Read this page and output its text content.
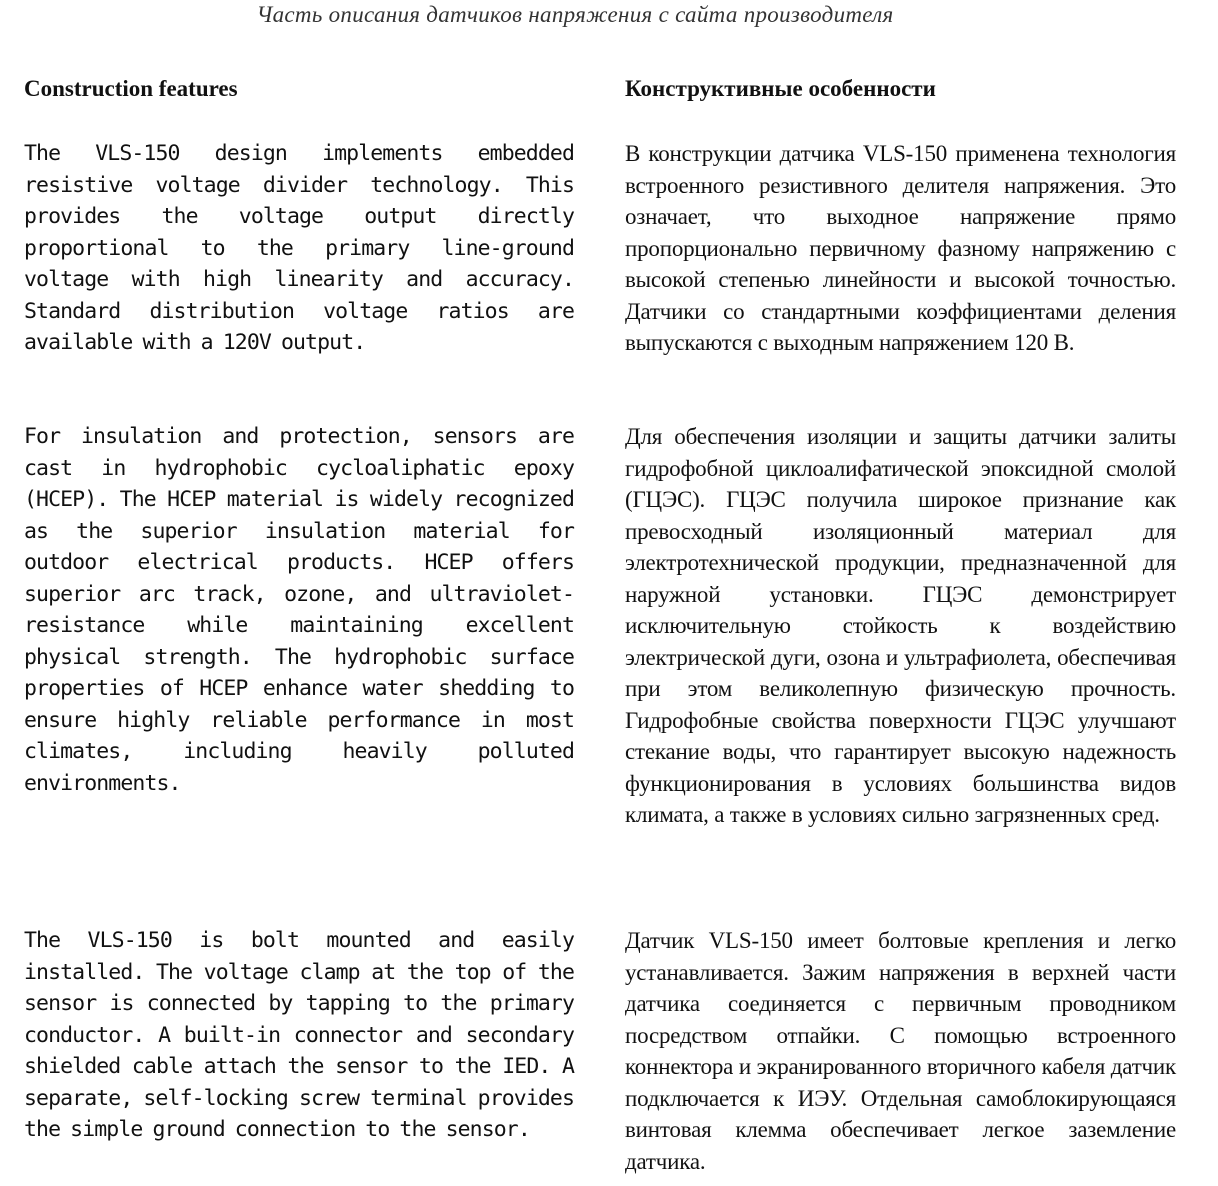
Часть описания датчиков напряжения с сайта производителя
Construction features

The VLS-150 design implements embedded resistive voltage divider technology. This provides the voltage output directly proportional to the primary line-ground voltage with high linearity and accuracy. Standard distribution voltage ratios are available with a 120V output.

For insulation and protection, sensors are cast in hydrophobic cycloaliphatic epoxy (HCEP). The HCEP material is widely recognized as the superior insulation material for outdoor electrical products. HCEP offers superior arc track, ozone, and ultraviolet-resistance while maintaining excellent physical strength. The hydrophobic surface properties of HCEP enhance water shedding to ensure highly reliable performance in most climates, including heavily polluted environments.

The VLS-150 is bolt mounted and easily installed. The voltage clamp at the top of the sensor is connected by tapping to the primary conductor. A built-in connector and secondary shielded cable attach the sensor to the IED. A separate, self-locking screw terminal provides the simple ground connection to the sensor.

Конструктивные особенности

В конструкции датчика VLS-150 применена технология встроенного резистивного делителя напряжения. Это означает, что выходное напряжение прямо пропорционально первичному фазному напряжению с высокой степенью линейности и высокой точностью. Датчики со стандартными коэффициентами деления выпускаются с выходным напряжением 120 В.

Для обеспечения изоляции и защиты датчики залиты гидрофобной циклоалифатической эпоксидной смолой (ГЦЭС). ГЦЭС получила широкое признание как превосходный изоляционный материал для электротехнической продукции, предназначенной для наружной установки. ГЦЭС демонстрирует исключительную стойкость к воздействию электрической дуги, озона и ультрафиолета, обеспечивая при этом великолепную физическую прочность. Гидрофобные свойства поверхности ГЦЭС улучшают стекание воды, что гарантирует высокую надежность функционирования в условиях большинства видов климата, а также в условиях сильно загрязненных сред.

Датчик VLS-150 имеет болтовые крепления и легко устанавливается. Зажим напряжения в верхней части датчика соединяется с первичным проводником посредством отпайки. С помощью встроенного коннектора и экранированного вторичного кабеля датчик подключается к ИЭУ. Отдельная самоблокирующаяся винтовая клемма обеспечивает легкое заземление датчика.
